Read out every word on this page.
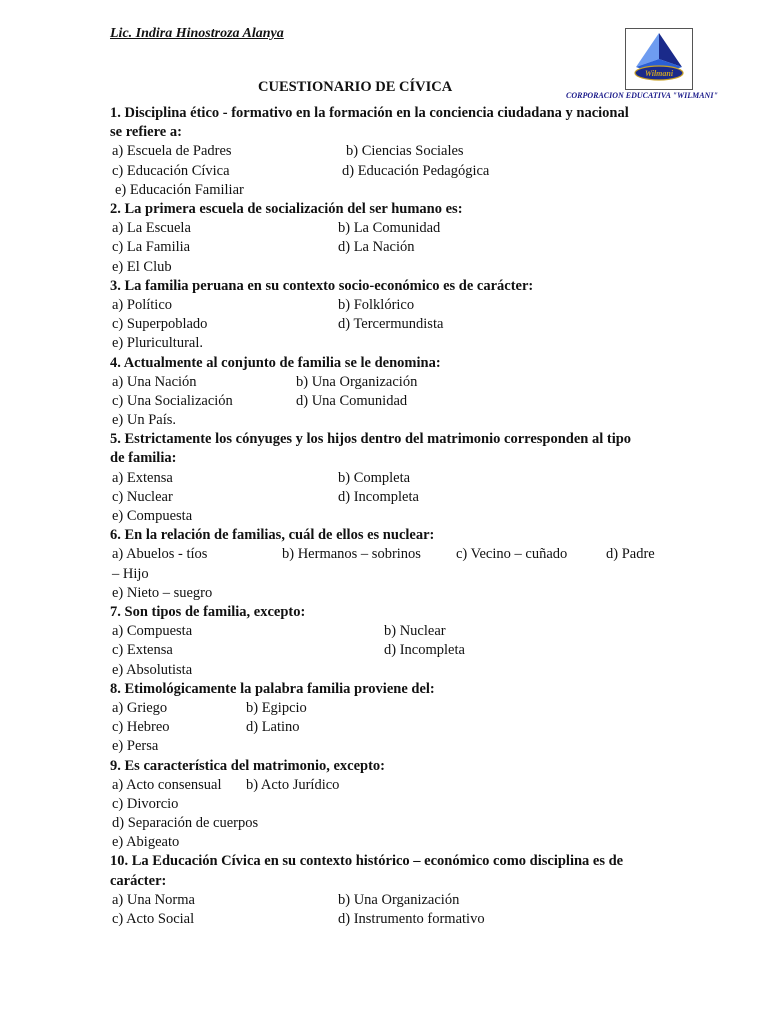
Lic. Indira Hinostroza Alanya
Wilmani
CORPORACION EDUCATIVA "WILMANI"
CUESTIONARIO DE CÍVICA
1. Disciplina ético - formativo en la formación en la conciencia ciudadana y nacional
se refiere a:
a) Escuela de Padres	b) Ciencias Sociales
c) Educación Cívica	d) Educación Pedagógica
e) Educación Familiar
2. La primera escuela de socialización del ser humano es:
a) La Escuela	b) La Comunidad
c) La Familia	d) La Nación
e) El Club
3. La familia peruana en su contexto socio-económico es de carácter:
a) Político	b) Folklórico
c) Superpoblado	d) Tercermundista
e) Pluricultural.
4. Actualmente al conjunto de familia se le denomina:
a) Una Nación	b) Una Organización
c) Una Socialización	d) Una Comunidad
e) Un País.
5. Estrictamente los cónyuges y los hijos dentro del matrimonio corresponden al tipo
de familia:
a) Extensa	b) Completa
c) Nuclear	d) Incompleta
e) Compuesta
6. En la relación de familias, cuál de ellos es nuclear:
a) Abuelos - tíos	b) Hermanos – sobrinos c) Vecino – cuñado	d) Padre
– Hijo
e) Nieto – suegro
7. Son tipos de familia, excepto:
a) Compuesta	b) Nuclear
c) Extensa	d) Incompleta
e) Absolutista
8. Etimológicamente la palabra familia proviene del:
a) Griego	b) Egipcio
c) Hebreo	d) Latino
e) Persa
9. Es característica del matrimonio, excepto:
a) Acto consensual b) Acto Jurídico
c) Divorcio
d) Separación de cuerpos
e) Abigeato
10. La Educación Cívica en su contexto histórico – económico como disciplina es de
carácter:
a) Una Norma	b) Una Organización
c) Acto Social	d) Instrumento formativo
